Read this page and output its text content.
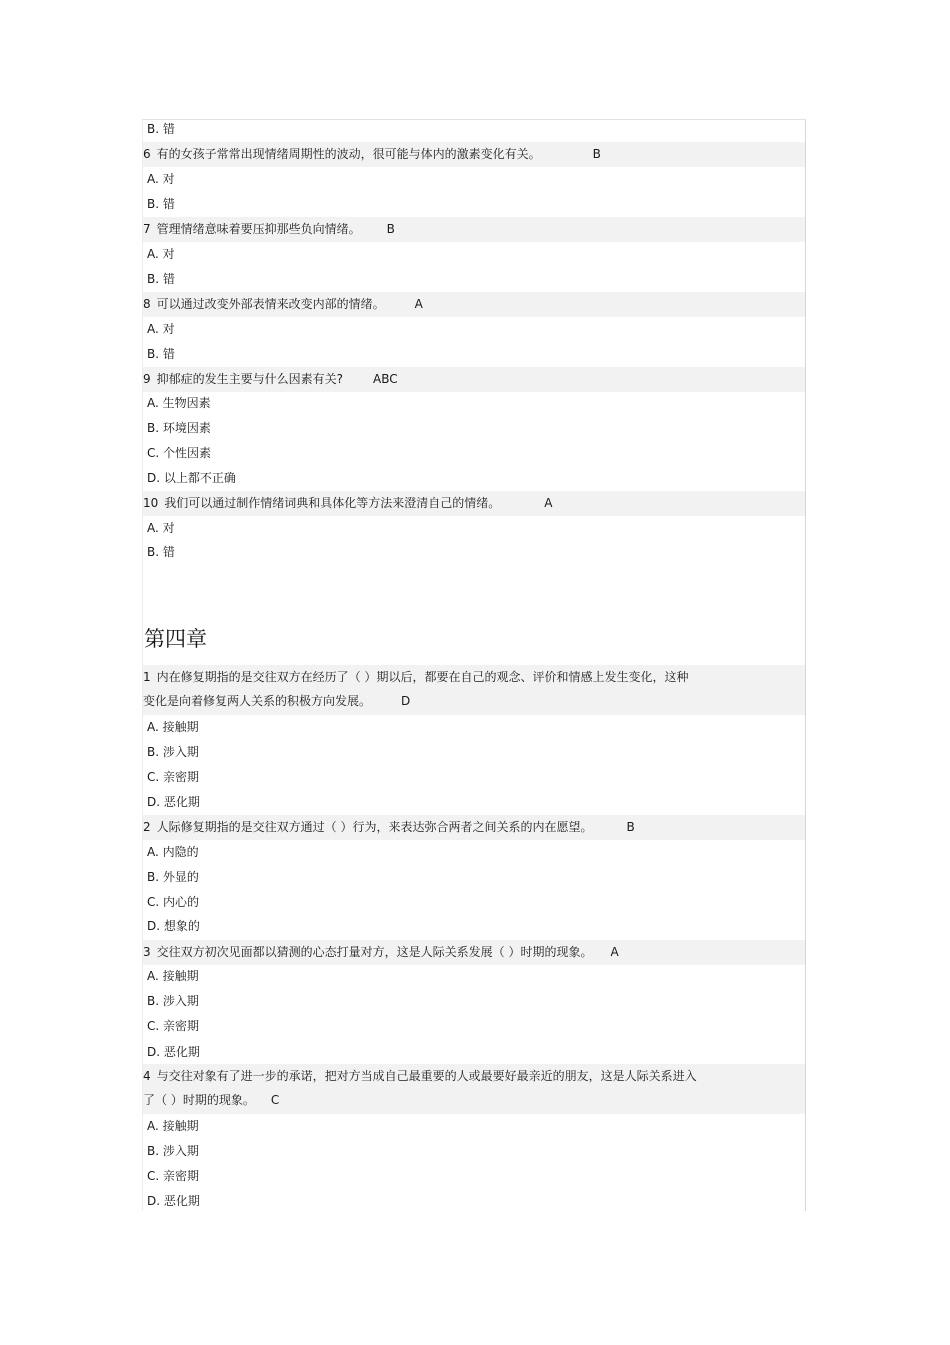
B. 错
6 有的女孩子常常出现情绪周期性的波动，很可能与体内的激素变化有关。	B
A. 对
B. 错
7 管理情绪意味着要压抑那些负向情绪。 B
A. 对
B. 错
8 可以通过改变外部表情来改变内部的情绪。	A
A. 对
B. 错
9 抑郁症的发生主要与什么因素有关?	ABC
A. 生物因素
B. 环境因素
C. 个性因素
D. 以上都不正确
10 我们可以通过制作情绪词典和具体化等方法来澄清自己的情绪。	A
A. 对
B. 错
第四章
1 内在修复期指的是交往双方在经历了（ ）期以后，都要在自己的观念、评价和情感上发生变化，这种
变化是向着修复两人关系的积极方向发展。	D
A. 接触期
B. 涉入期
C. 亲密期
D. 恶化期
2 人际修复期指的是交往双方通过（ ）行为，来表达弥合两者之间关系的内在愿望。	B
A. 内隐的
B. 外显的
C. 内心的
D. 想象的
3 交往双方初次见面都以猜测的心态打量对方，这是人际关系发展（ ）时期的现象。 A
A. 接触期
B. 涉入期
C. 亲密期
D. 恶化期
4 与交往对象有了进一步的承诺，把对方当成自己最重要的人或最要好最亲近的朋友，这是人际关系进入
了（ ）时期的现象。 C
A. 接触期
B. 涉入期
C. 亲密期
D. 恶化期
